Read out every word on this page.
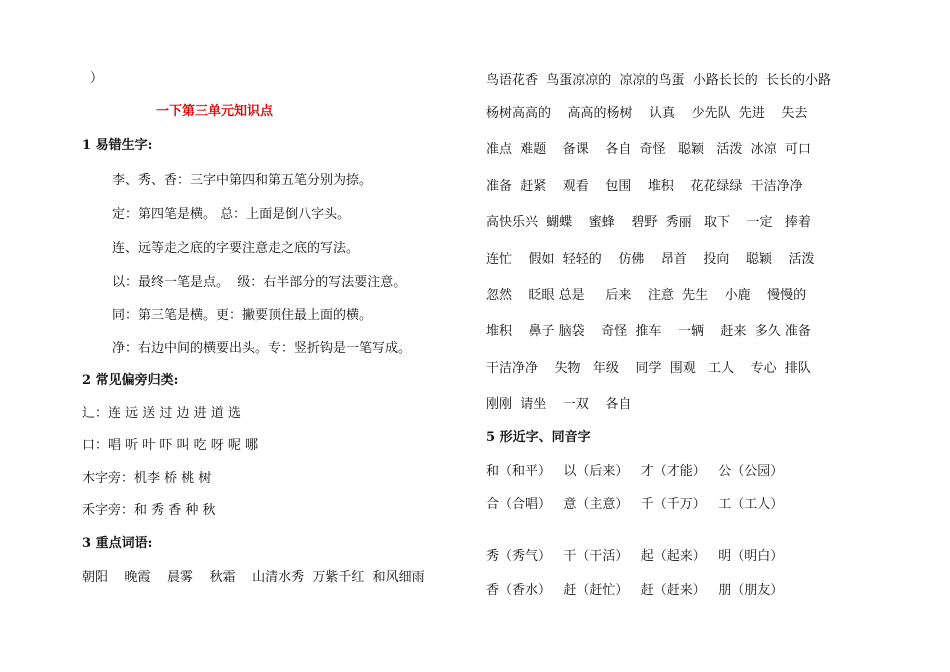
）
一下第三单元知识点
1 易错生字:
李、秀、香：三字中第四和第五笔分别为捺。
定：第四笔是横。 总：上面是倒八字头。
连、远等走之底的字要注意走之底的写法。
以：最终一笔是点。  级：右半部分的写法要注意。
同：第三笔是横。更：撇要顶住最上面的横。
净：右边中间的横要出头。专：竖折钩是一笔写成。
2 常见偏旁归类:
辶：连 远 送 过 边 进 道 选
口：唱 听 叶 吓 叫 吃 呀 呢 哪
木字旁：机李 桥 桃 树
禾字旁：和 秀 香 种 秋
3 重点词语:
朝阳    晚霞    晨雾    秋霜    山清水秀  万紫千红  和风细雨
鸟语花香  鸟蛋凉凉的  凉凉的鸟蛋  小路长长的  长长的小路
杨树高高的    高高的杨树    认真    少先队  先进    失去
准点  难题    备课    各自  奇怪   聪颖   活泼  冰凉  可口
准备  赶紧    观看    包围    堆积    花花绿绿  干洁净净
高快乐兴  蝴蝶    蜜蜂    碧野  秀丽   取下    一定   捧着
连忙    假如  轻轻的    仿佛    昂首    投向    聪颖    活泼
忽然    眨眼 总是     后来    注意  先生    小鹿    慢慢的
堆积    鼻子 脑袋    奇怪  推车    一辆    赶来  多久 准备
干洁净净    失物   年级    同学  围观   工人    专心  排队
刚刚  请坐    一双    各自
5 形近字、同音字
和（和平）   以（后来）   才（才能）   公（公园）
合（合唱）   意（主意）   千（千万）   工（工人）
秀（秀气）   干（干活）   起（起来）   明（明白）
香（香水）   赶（赶忙）   赶（赶来）   朋（朋友）
